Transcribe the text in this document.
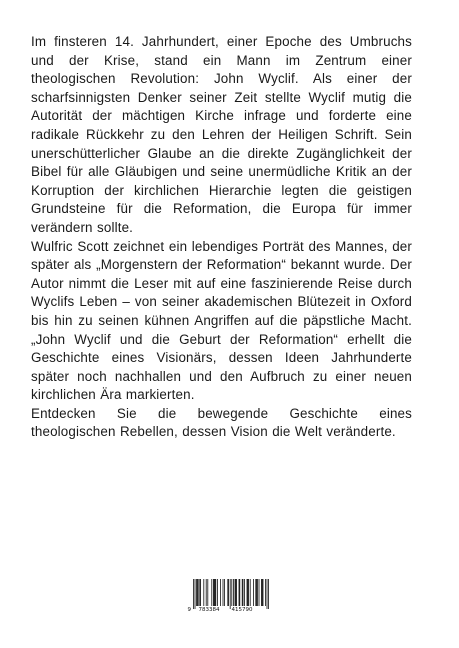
Im finsteren 14. Jahrhundert, einer Epoche des Umbruchs und der Krise, stand ein Mann im Zentrum einer theologischen Revolution: John Wyclif. Als einer der scharfsinnigsten Denker seiner Zeit stellte Wyclif mutig die Autorität der mächtigen Kirche infrage und forderte eine radikale Rückkehr zu den Lehren der Heiligen Schrift. Sein unerschütterlicher Glaube an die direkte Zugänglichkeit der Bibel für alle Gläubigen und seine unermüdliche Kritik an der Korruption der kirchlichen Hierarchie legten die geistigen Grundsteine für die Reformation, die Europa für immer verändern sollte.

Wulfric Scott zeichnet ein lebendiges Porträt des Mannes, der später als „Morgenstern der Reformation“ bekannt wurde. Der Autor nimmt die Leser mit auf eine faszinierende Reise durch Wyclifs Leben – von seiner akademischen Blütezeit in Oxford bis hin zu seinen kühnen Angriffen auf die päpstliche Macht. „John Wyclif und die Geburt der Reformation“ erhellt die Geschichte eines Visionärs, dessen Ideen Jahrhunderte später noch nachhallen und den Aufbruch zu einer neuen kirchlichen Ära markierten.

Entdecken Sie die bewegende Geschichte eines theologischen Rebellen, dessen Vision die Welt veränderte.

9 783384 415790
